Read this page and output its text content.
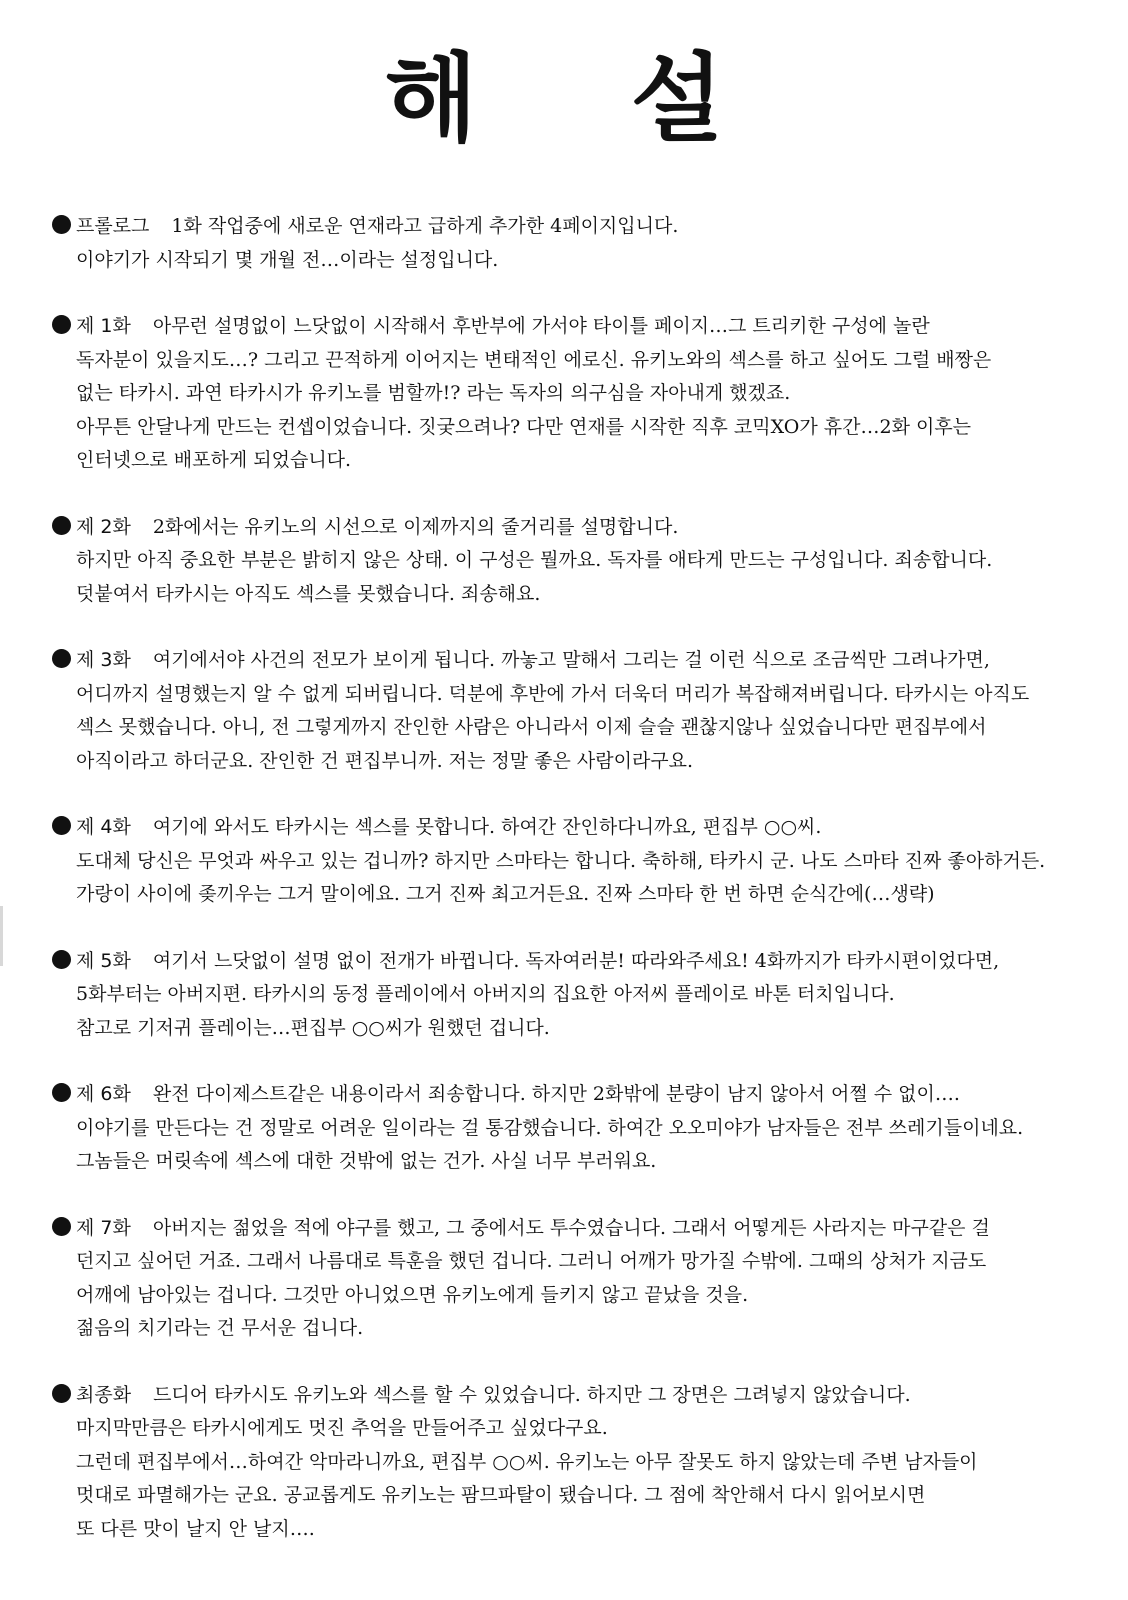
해 설
프롤로그 1화 작업중에 새로운 연재라고 급하게 추가한 4페이지입니다.
이야기가 시작되기 몇 개월 전…이라는 설정입니다.
제 1화 아무런 설명없이 느닷없이 시작해서 후반부에 가서야 타이틀 페이지…그 트리키한 구성에 놀란
독자분이 있을지도…? 그리고 끈적하게 이어지는 변태적인 에로신. 유키노와의 섹스를 하고 싶어도 그럴 배짱은
없는 타카시. 과연 타카시가 유키노를 범할까!? 라는 독자의 의구심을 자아내게 했겠죠.
아무튼 안달나게 만드는 컨셉이었습니다. 짓궂으려나? 다만 연재를 시작한 직후 코믹XO가 휴간…2화 이후는
인터넷으로 배포하게 되었습니다.
제 2화 2화에서는 유키노의 시선으로 이제까지의 줄거리를 설명합니다.
하지만 아직 중요한 부분은 밝히지 않은 상태. 이 구성은 뭘까요. 독자를 애타게 만드는 구성입니다. 죄송합니다.
덧붙여서 타카시는 아직도 섹스를 못했습니다. 죄송해요.
제 3화 여기에서야 사건의 전모가 보이게 됩니다. 까놓고 말해서 그리는 걸 이런 식으로 조금씩만 그려나가면,
어디까지 설명했는지 알 수 없게 되버립니다. 덕분에 후반에 가서 더욱더 머리가 복잡해져버립니다. 타카시는 아직도
섹스 못했습니다. 아니, 전 그렇게까지 잔인한 사람은 아니라서 이제 슬슬 괜찮지않나 싶었습니다만 편집부에서
아직이라고 하더군요. 잔인한 건 편집부니까. 저는 정말 좋은 사람이라구요.
제 4화 여기에 와서도 타카시는 섹스를 못합니다. 하여간 잔인하다니까요, 편집부 ○○씨.
도대체 당신은 무엇과 싸우고 있는 겁니까? 하지만 스마타는 합니다. 축하해, 타카시 군. 나도 스마타 진짜 좋아하거든.
가랑이 사이에 좆끼우는 그거 말이에요. 그거 진짜 최고거든요. 진짜 스마타 한 번 하면 순식간에(…생략)
제 5화 여기서 느닷없이 설명 없이 전개가 바뀝니다. 독자여러분! 따라와주세요! 4화까지가 타카시편이었다면,
5화부터는 아버지편. 타카시의 동정 플레이에서 아버지의 집요한 아저씨 플레이로 바톤 터치입니다.
참고로 기저귀 플레이는…편집부 ○○씨가 원했던 겁니다.
제 6화 완전 다이제스트같은 내용이라서 죄송합니다. 하지만 2화밖에 분량이 남지 않아서 어쩔 수 없이….
이야기를 만든다는 건 정말로 어려운 일이라는 걸 통감했습니다. 하여간 오오미야가 남자들은 전부 쓰레기들이네요.
그놈들은 머릿속에 섹스에 대한 것밖에 없는 건가. 사실 너무 부러워요.
제 7화 아버지는 젊었을 적에 야구를 했고, 그 중에서도 투수였습니다. 그래서 어떻게든 사라지는 마구같은 걸
던지고 싶어던 거죠. 그래서 나름대로 특훈을 했던 겁니다. 그러니 어깨가 망가질 수밖에. 그때의 상처가 지금도
어깨에 남아있는 겁니다. 그것만 아니었으면 유키노에게 들키지 않고 끝났을 것을.
젊음의 치기라는 건 무서운 겁니다.
최종화 드디어 타카시도 유키노와 섹스를 할 수 있었습니다. 하지만 그 장면은 그려넣지 않았습니다.
마지막만큼은 타카시에게도 멋진 추억을 만들어주고 싶었다구요.
그런데 편집부에서…하여간 악마라니까요, 편집부 ○○씨. 유키노는 아무 잘못도 하지 않았는데 주변 남자들이
멋대로 파멸해가는 군요. 공교롭게도 유키노는 팜므파탈이 됐습니다. 그 점에 착안해서 다시 읽어보시면
또 다른 맛이 날지 안 날지….
